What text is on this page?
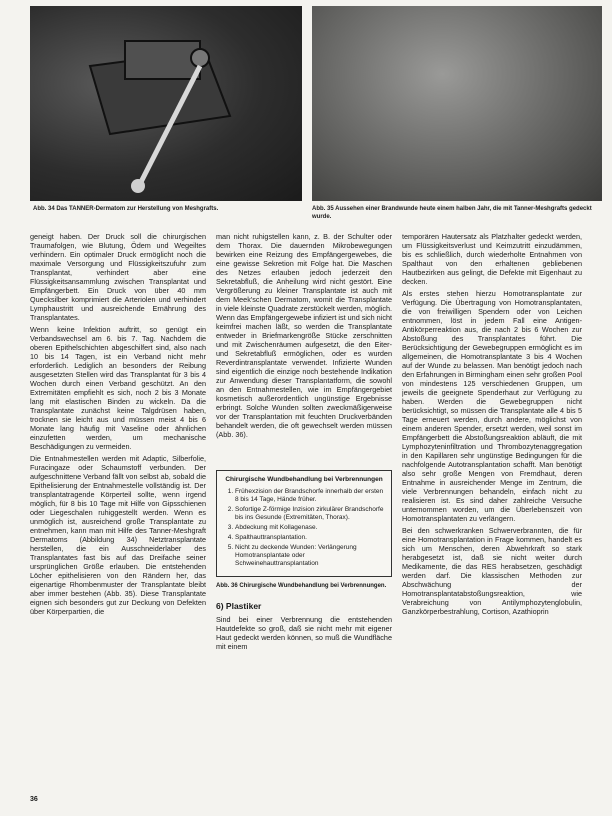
Abb. 34 Das TANNER-Dermatom zur Herstellung von Meshgrafts.	Abb. 35 Aussehen einer Brandwunde heute einem halben Jahr, die mit Tanner-Meshgrafts gedeckt wurde.

geneigt haben. Der Druck soll die chirurgischen Traumafolgen, wie Blutung, Ödem und Wegeiltes verhindern. Ein optimaler Druck ermöglicht noch die maximale Versorgung und Flüssigkeitszufuhr zum Transplantat, verhindert aber eine Flüssigkeitsansammlung zwischen Transplantat und Empfängerbett. Ein Druck von über 40 mm Quecksilber komprimiert die Arteriolen und verhindert Lymphaustritt und ausreichende Ernährung des Transplantates.

Wenn keine Infektion auftritt, so genügt ein Verbandswechsel am 6. bis 7. Tag. Nachdem die oberen Epithelschichten abgeschilfert sind, also nach 10 bis 14 Tagen, ist ein Verband nicht mehr erforderlich. Lediglich an besonders der Reibung ausgesetzten Stellen wird das Transplantat für 3 bis 4 Wochen durch einen Verband geschützt. An den Extremitäten empfiehlt es sich, noch 2 bis 3 Monate lang mit elastischen Binden zu wickeln. Da die Transplantate zunächst keine Talgdrüsen haben, trocknen sie leicht aus und müssen meist 4 bis 6 Monate lang häufig mit Vaseline oder ähnlichen einzufetten werden, um mechanische Beschädigungen zu vermeiden.

Die Entnahmestellen werden mit Adaptic, Silberfolie, Furacingaze oder Schaumstoff verbunden. Der aufgeschnittene Verband fällt von selbst ab, sobald die Epithelisierung der Entnahmestelle vollständig ist. Der transplantatragende Körperteil sollte, wenn irgend möglich, für 8 bis 10 Tage mit Hilfe von Gipsschienen oder Liegeschalen ruhiggestellt werden. Wenn es unmöglich ist, ausreichend große Transplantate zu entnehmen, kann man mit Hilfe des Tanner-Meshgraft Dermatoms (Abbildung 34) Netztransplantate herstellen, die ein Ausschneiderlaber des Transplantates fast bis auf das Dreifache seiner ursprünglichen Größe erlauben. Die entstehenden Löcher epithelisieren von den Rändern her, das eigenartige Rhombenmuster der Transplantate bleibt aber immer bestehen (Abb. 35). Diese Transplantate eignen sich besonders gut zur Deckung von Defekten über Körperpartien, die

man nicht ruhigstellen kann, z. B. der Schulter oder dem Thorax. Die dauernden Mikrobewegungen bewirken eine Reizung des Empfängergewebes, die eine gewisse Sekretion mit Folge hat. Die Maschen des Netzes erlauben jedoch jederzeit den Sekretabfluß, die Anheilung wird nicht gestört. Eine Vergrößerung zu kleiner Transplantate ist auch mit dem Meek'schen Dermatom, womit die Transplantate in viele kleinste Quadrate zerstückelt werden, möglich. Wenn das Empfängergewebe infiziert ist und sich nicht keimfrei machen läßt, so werden die Transplantate entweder in Briefmarkengröße Stücke zerschnitten und mit Zwischenräumen aufgesetzt, die den Eiter- und Sekretabfluß ermöglichen, oder es wurden Reverdintransplantate verwendet. Infizierte Wunden sind eigentlich die einzige noch bestehende Indikation zur Anwendung dieser Transplantatform, die sowohl an den Entnahmestellen, wie im Empfängergebiet kosmetisch außerordentlich ungünstige Ergebnisse erbringt. Solche Wunden sollten zweckmäßigerweise vor der Transplantation mit feuchten Druckverbänden behandelt werden, die oft gewechselt werden müssen (Abb. 36).

Chirurgische Wundbehandlung bei Verbrennungen
1. Frühexzision der Brandschorfe innerhalb der ersten 8 bis 14 Tage, Hände früher.
2. Sofortige Z-förmige Inzision zirkulärer Brandschorfe bis ins Gesunde (Extremitäten, Thorax).
3. Abdeckung mit Kollagenase.
4. Spalthauttransplantation.
5. Nicht zu deckende Wunden: Verlängerung Homotransplantate oder Schweinehauttransplantation
Abb. 36 Chirurgische Wundbehandlung bei Verbrennungen.
6) Plastiker
Sind bei einer Verbrennung die entstehenden Hautdefekte so groß, daß sie nicht mehr mit eigener Haut gedeckt werden können, so muß die Wundfläche mit einem

temporären Hautersatz als Platzhalter gedeckt werden, um Flüssigkeitsverlust und Keimzutritt einzudämmen, bis es schließlich, durch wiederholte Entnahmen von Spalthaut von den erhaltenen gebliebenen Hautbezirken aus gelingt, die Defekte mit Eigenhaut zu decken.

Als erstes stehen hierzu Homotransplantate zur Verfügung. Die Übertragung von Homotransplantaten, die von freiwilligen Spendern oder von Leichen entnommen, löst in jedem Fall eine Antigen-Antikörperreaktion aus, die nach 2 bis 6 Wochen zur Abstoßung des Transplantates führt. Die Berücksichtigung der Gewebegruppen ermöglicht es im allgemeinen, die Homotransplantate 3 bis 4 Wochen auf der Wunde zu belassen. Man benötigt jedoch nach den Erfahrungen in Birmingham einen sehr großen Pool von mindestens 125 verschiedenen Gruppen, um jeweils die geeignete Spenderhaut zur Verfügung zu haben. Werden die Gewebegruppen nicht berücksichtigt, so müssen die Transplantate alle 4 bis 5 Tage erneuert werden, durch andere, möglichst von einem anderen Spender, ersetzt werden, weil sonst im Empfängerbett die Abstoßungsreaktion abläuft, die mit Lymphozyteninfiltration und Thrombozytenaggregation in den Kapillaren sehr ungünstige Bedingungen für die nachfolgende Autotransplantation schafft. Man benötigt also sehr große Mengen von Fremdhaut, deren Entnahme in ausreichender Menge im Zentrum, die viele Verbrennungen behandeln, einfach nicht zu realisieren ist. Es sind daher zahlreiche Versuche unternommen worden, um die Überlebenszeit von Homotransplantaten zu verlängern.

Bei den schwerkranken Schwerverbrannten, die für eine Homotransplantation in Frage kommen, handelt es sich um Menschen, deren Abwehrkraft so stark herabgesetzt ist, daß sie nicht weiter durch Medikamente, die das RES herabsetzen, geschädigt werden darf. Die klassischen Methoden zur Abschwächung der Homotransplantatabstoßungsreaktion, wie Verabreichung von Antilymphozytenglobulin, Ganzkörperbestrahlung, Cortison, Azathioprin

36
